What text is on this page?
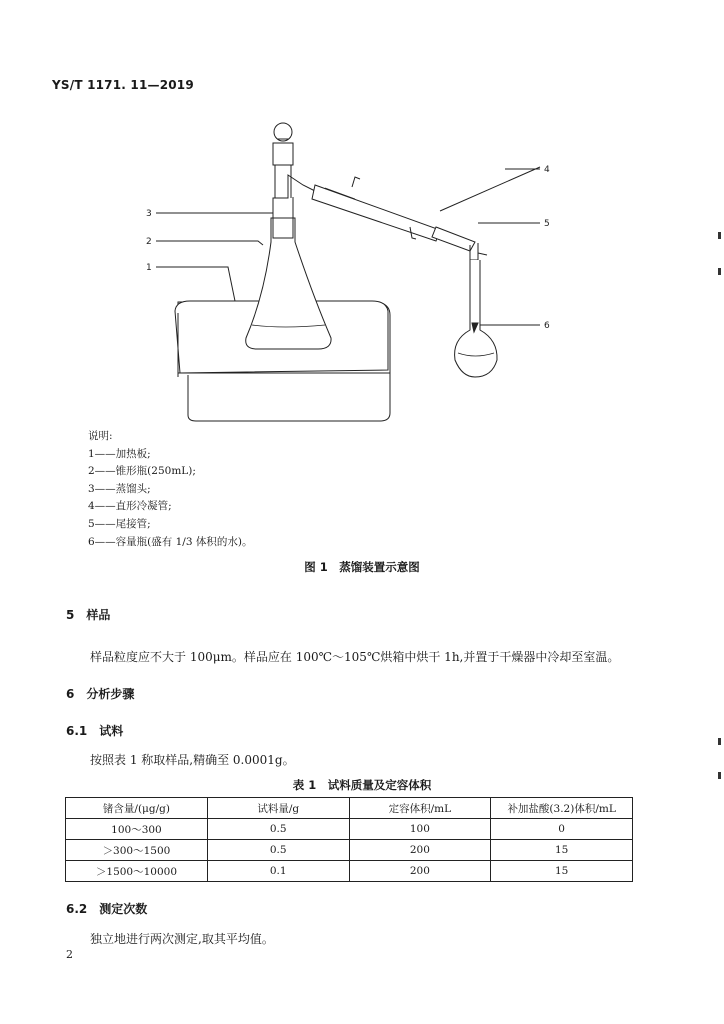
YS/T 1171. 11—2019
3
2
1
4
5
6
说明:
1——加热板;
2——锥形瓶(250mL);
3——蒸馏头;
4——直形冷凝管;
5——尾接管;
6——容量瓶(盛有 1/3 体积的水)。
图 1　蒸馏装置示意图
5　样品
样品粒度应不大于 100μm。样品应在 100℃～105℃烘箱中烘干 1h,并置于干燥器中冷却至室温。
6　分析步骤
6.1　试料
按照表 1 称取样品,精确至 0.0001g。
表 1　试料质量及定容体积
锗含量/(μg/g)	试料量/g	定容体积/mL	补加盐酸(3.2)体积/mL
100～300	0.5	100	0
＞300～1500	0.5	200	15
＞1500～10000	0.1	200	15
6.2　测定次数
独立地进行两次测定,取其平均值。
2
